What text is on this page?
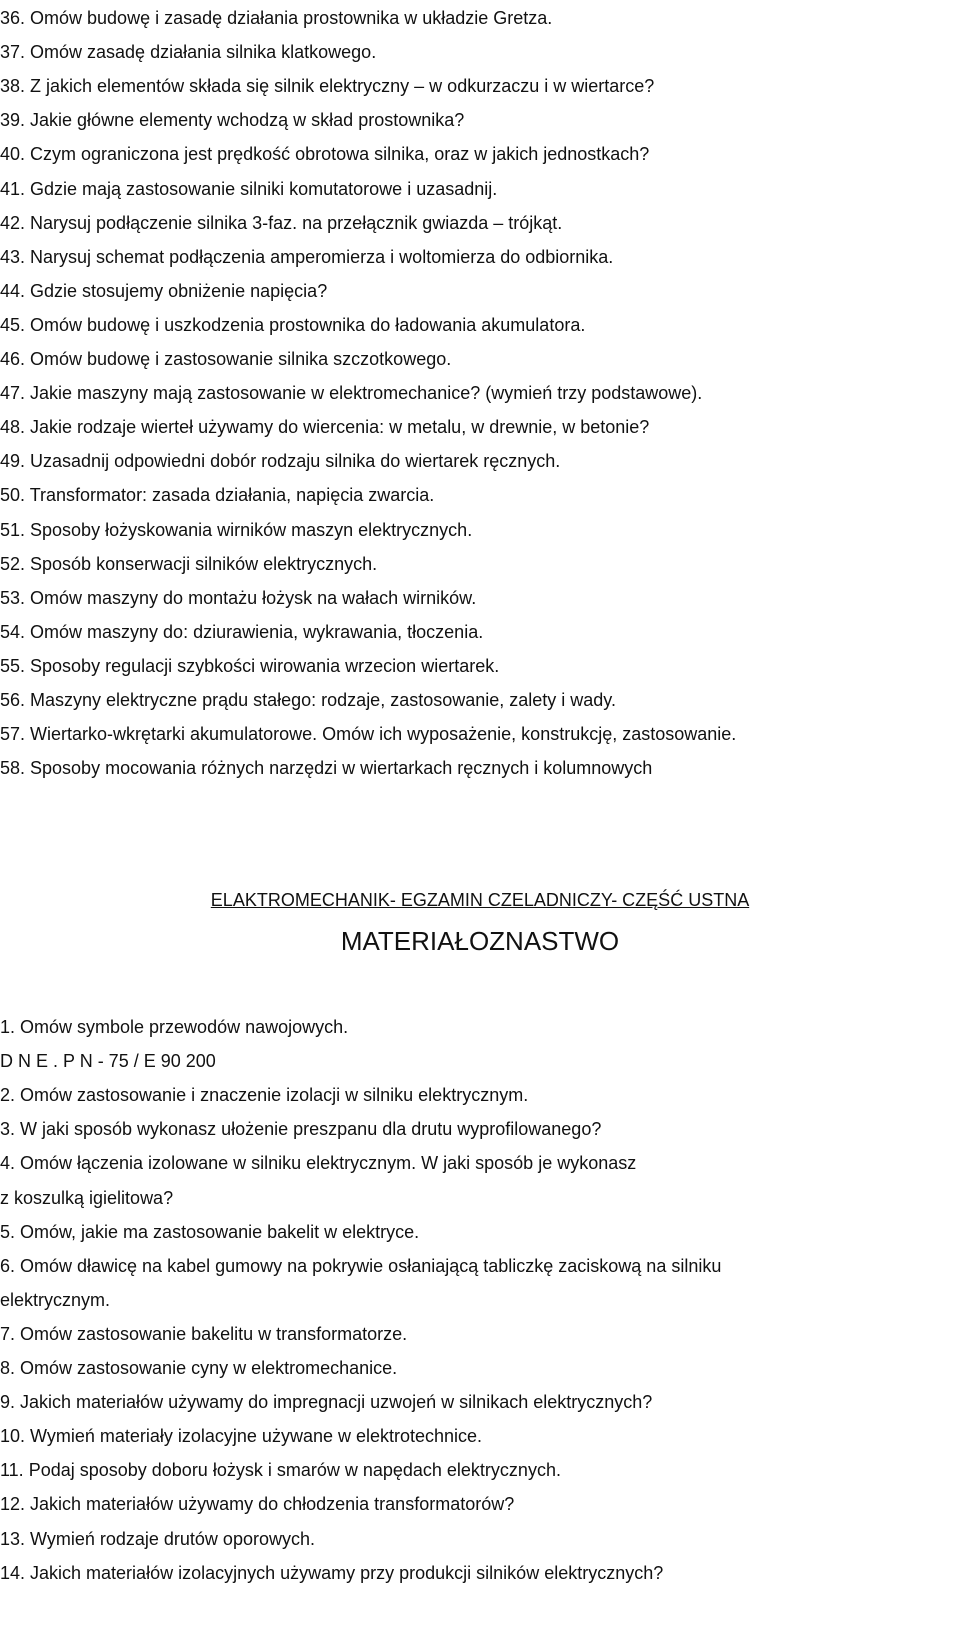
36. Omów budowę i zasadę działania prostownika w układzie Gretza.
37. Omów zasadę działania silnika klatkowego.
38. Z jakich elementów składa się silnik elektryczny – w odkurzaczu i w wiertarce?
39. Jakie główne elementy wchodzą w skład prostownika?
40. Czym ograniczona jest prędkość obrotowa silnika, oraz w jakich jednostkach?
41. Gdzie mają zastosowanie silniki komutatorowe i uzasadnij.
42. Narysuj podłączenie silnika 3-faz. na przełącznik gwiazda – trójkąt.
43. Narysuj schemat podłączenia amperomierza i woltomierza do odbiornika.
44. Gdzie stosujemy obniżenie napięcia?
45. Omów budowę i uszkodzenia prostownika do ładowania akumulatora.
46. Omów budowę i zastosowanie silnika szczotkowego.
47. Jakie maszyny mają zastosowanie w elektromechanice? (wymień trzy podstawowe).
48. Jakie rodzaje wierteł używamy do wiercenia: w metalu, w drewnie, w betonie?
49. Uzasadnij odpowiedni dobór rodzaju silnika do wiertarek ręcznych.
50. Transformator: zasada działania, napięcia zwarcia.
51. Sposoby łożyskowania wirników maszyn elektrycznych.
52. Sposób konserwacji silników elektrycznych.
53. Omów maszyny do montażu łożysk na wałach wirników.
54. Omów maszyny do: dziurawienia, wykrawania, tłoczenia.
55. Sposoby regulacji szybkości wirowania wrzecion wiertarek.
56. Maszyny elektryczne prądu stałego: rodzaje, zastosowanie, zalety i wady.
57. Wiertarko-wkrętarki akumulatorowe. Omów ich wyposażenie, konstrukcję, zastosowanie.
58. Sposoby mocowania różnych narzędzi w wiertarkach ręcznych i kolumnowych
ELAKTROMECHANIK- EGZAMIN CZELADNICZY- CZĘŚĆ USTNA
MATERIAŁOZNASTWO
1. Omów symbole przewodów nawojowych.
D N E . P N - 75 / E 90 200
2. Omów zastosowanie i znaczenie izolacji w silniku elektrycznym.
3. W jaki sposób wykonasz ułożenie preszpanu dla drutu wyprofilowanego?
4. Omów łączenia izolowane w silniku elektrycznym. W jaki sposób je wykonasz
z koszulką igielitowa?
5. Omów, jakie ma zastosowanie bakelit w elektryce.
6. Omów dławicę na kabel gumowy na pokrywie osłaniającą tabliczkę zaciskową na silniku
elektrycznym.
7. Omów zastosowanie bakelitu w transformatorze.
8. Omów zastosowanie cyny w elektromechanice.
9. Jakich materiałów używamy do impregnacji uzwojeń w silnikach elektrycznych?
10. Wymień materiały izolacyjne używane w elektrotechnice.
11. Podaj sposoby doboru łożysk i smarów w napędach elektrycznych.
12. Jakich materiałów używamy do chłodzenia transformatorów?
13. Wymień rodzaje drutów oporowych.
14. Jakich materiałów izolacyjnych używamy przy produkcji silników elektrycznych?
